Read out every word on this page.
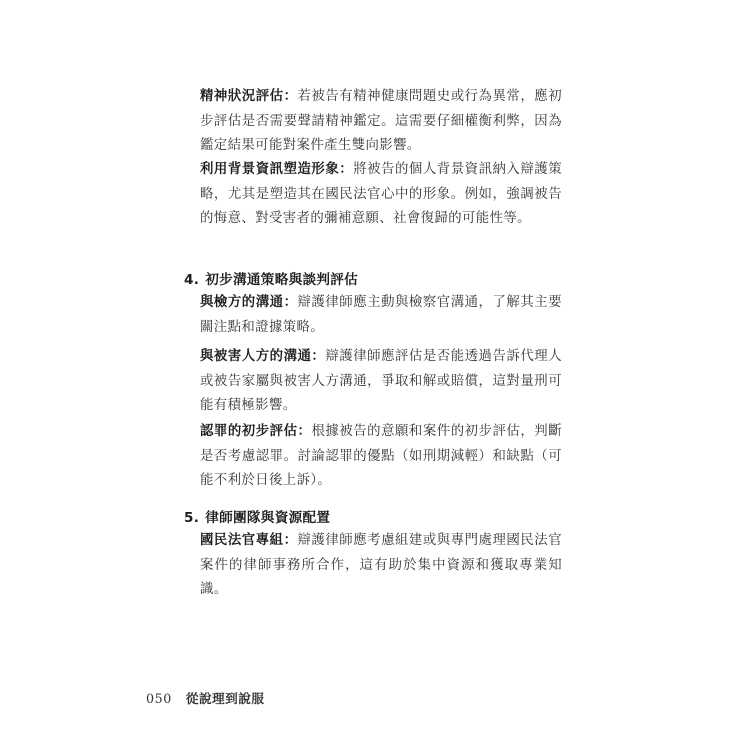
精神狀況評估：若被告有精神健康問題史或行為異常，應初步評估是否需要聲請精神鑑定。這需要仔細權衡利弊，因為鑑定結果可能對案件產生雙向影響。
利用背景資訊塑造形象：將被告的個人背景資訊納入辯護策略，尤其是塑造其在國民法官心中的形象。例如，強調被告的悔意、對受害者的彌補意願、社會復歸的可能性等。
4. 初步溝通策略與談判評估
與檢方的溝通：辯護律師應主動與檢察官溝通，了解其主要關注點和證據策略。
與被害人方的溝通：辯護律師應評估是否能透過告訴代理人或被告家屬與被害人方溝通，爭取和解或賠償，這對量刑可能有積極影響。
認罪的初步評估：根據被告的意願和案件的初步評估，判斷是否考慮認罪。討論認罪的優點（如刑期減輕）和缺點（可能不利於日後上訴）。
5. 律師團隊與資源配置
國民法官專組：辯護律師應考慮組建或與專門處理國民法官案件的律師事務所合作，這有助於集中資源和獲取專業知識。
050 從說理到說服
